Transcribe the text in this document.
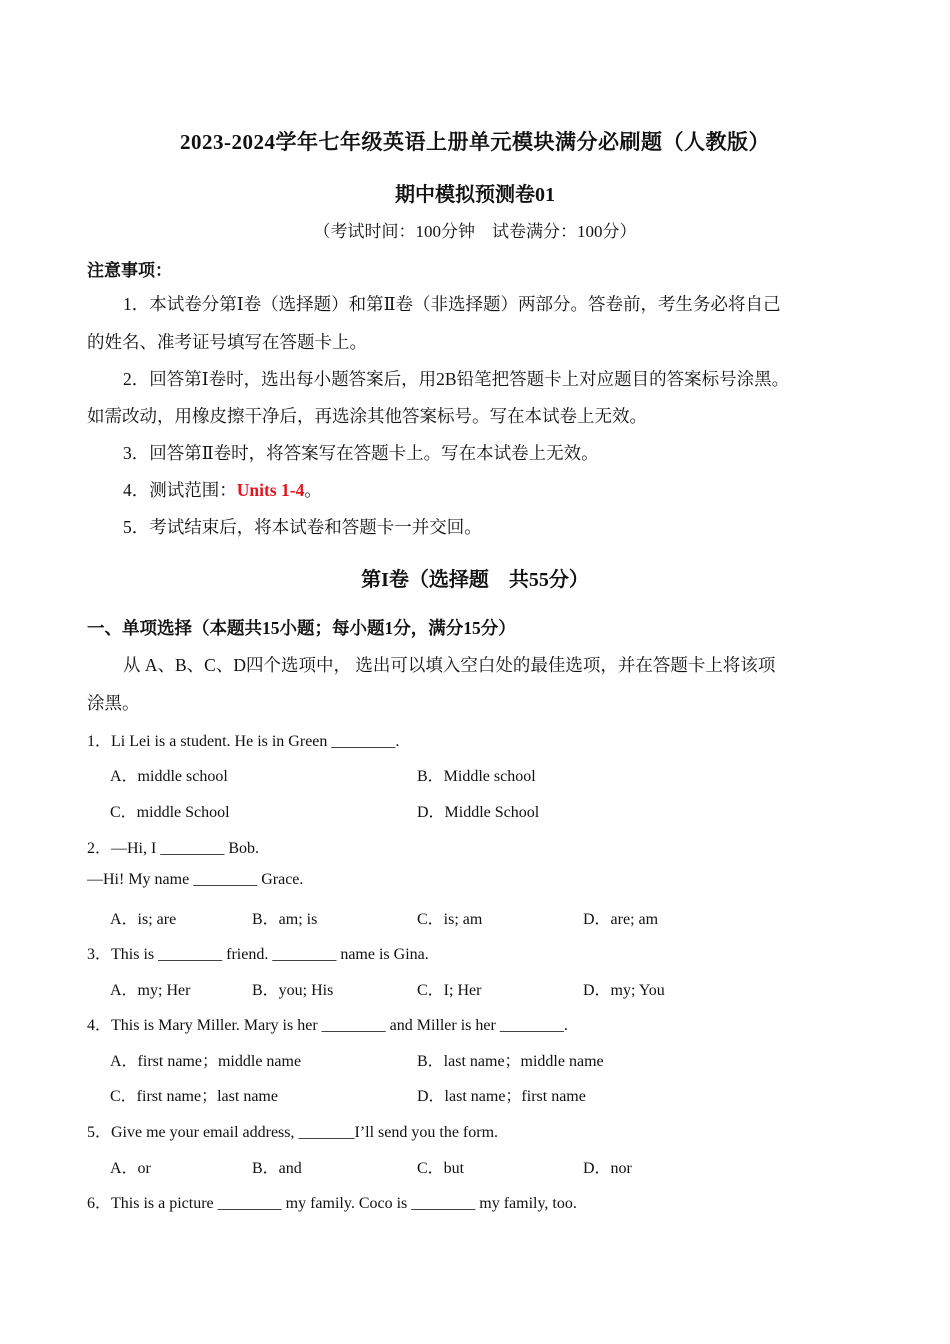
2023-2024学年七年级英语上册单元模块满分必刷题（人教版）
期中模拟预测卷01
（考试时间：100分钟　试卷满分：100分）
注意事项：
1．本试卷分第Ⅰ卷（选择题）和第Ⅱ卷（非选择题）两部分。答卷前，考生务必将自己
的姓名、准考证号填写在答题卡上。
2．回答第Ⅰ卷时，选出每小题答案后，用2B铅笔把答题卡上对应题目的答案标号涂黑。
如需改动，用橡皮擦干净后，再选涂其他答案标号。写在本试卷上无效。
3．回答第Ⅱ卷时，将答案写在答题卡上。写在本试卷上无效。
4．测试范围：Units 1-4。
5．考试结束后，将本试卷和答题卡一并交回。
第I卷（选择题　共55分）
一、单项选择（本题共15小题；每小题1分，满分15分）
从 A、B、C、D四个选项中， 选出可以填入空白处的最佳选项，并在答题卡上将该项
涂黑。
1．Li Lei is a student. He is in Green ________.
A．middle school	B．Middle school
C．middle School	D．Middle School
2．—Hi, I ________ Bob.
—Hi! My name ________ Grace.
A．is; are	B．am; is	C．is; am	D．are; am
3．This is ________ friend. ________ name is Gina.
A．my; Her	B．you; His	C．I; Her	D．my; You
4．This is Mary Miller. Mary is her ________ and Miller is her ________.
A．first name；middle name	B．last name；middle name
C．first name；last name	D．last name；first name
5．Give me your email address, _______I’ll send you the form.
A．or	B．and	C．but	D．nor
6．This is a picture ________ my family. Coco is ________ my family, too.
